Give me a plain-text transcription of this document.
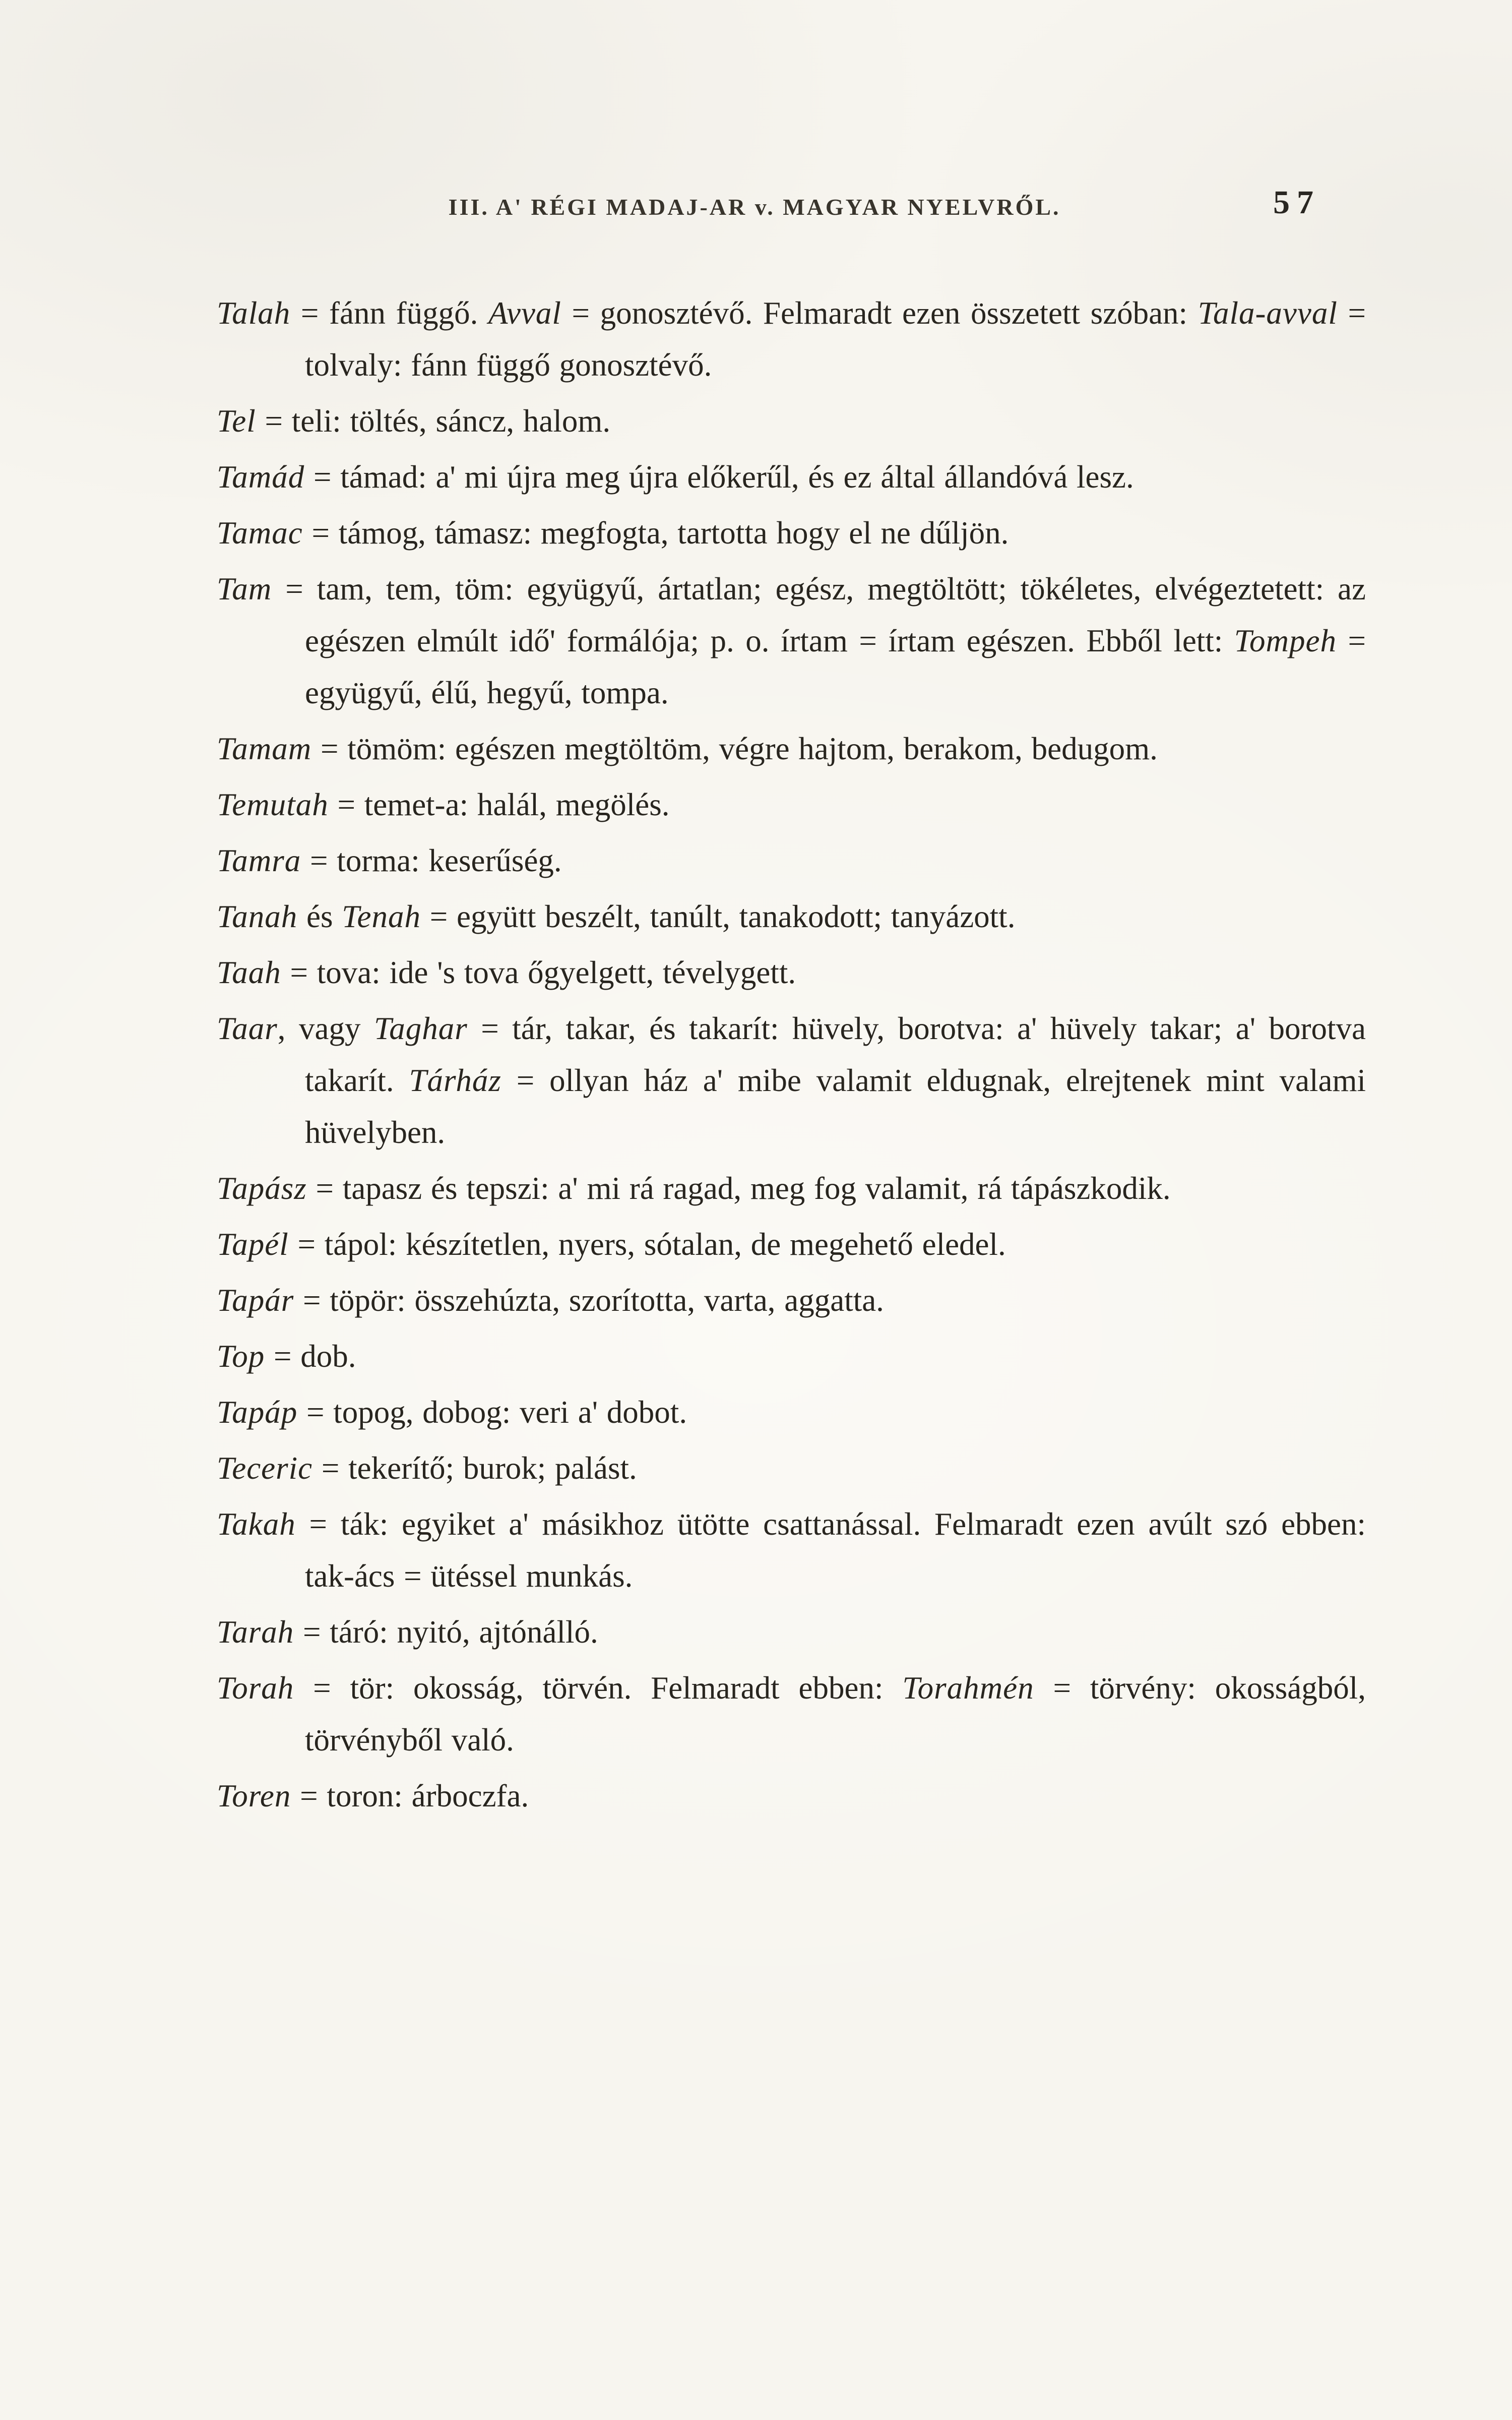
III. A' RÉGI MADAJ-AR v. MAGYAR NYELVRŐL.	57

Talah = fánn függő. Avval = gonosztévő. Felmaradt ezen összetett szóban: Tala-avval = tolvaly: fánn függő gonosztévő.

Tel = teli: töltés, sáncz, halom.

Tamád = támad: a' mi újra meg újra előkerűl, és ez által állandóvá lesz.

Tamac = támog, támasz: megfogta, tartotta hogy el ne dűljön.

Tam = tam, tem, töm: együgyű, ártatlan; egész, megtöltött; tökéletes, elvégeztetett: az egészen elmúlt idő' formálója; p. o. írtam = írtam egészen. Ebből lett: Tompeh = együgyű, élű, hegyű, tompa.

Tamam = tömöm: egészen megtöltöm, végre hajtom, berakom, bedugom.

Temutah = temet-a: halál, megölés.

Tamra = torma: keserűség.

Tanah és Tenah = együtt beszélt, tanúlt, tanakodott; tanyázott.

Taah = tova: ide 's tova őgyelgett, tévelygett.

Taar, vagy Taghar = tár, takar, és takarít: hüvely, borotva: a' hüvely takar; a' borotva takarít. Tárház = ollyan ház a' mibe valamit eldugnak, elrejtenek mint valami hüvelyben.

Tapász = tapasz és tepszi: a' mi rá ragad, meg fog valamit, rá tápászkodik.

Tapél = tápol: készítetlen, nyers, sótalan, de megehető eledel.

Tapár = töpör: összehúzta, szorította, varta, aggatta.

Top = dob.

Tapáp = topog, dobog: veri a' dobot.

Teceric = tekerítő; burok; palást.

Takah = ták: egyiket a' másikhoz ütötte csattanással. Felmaradt ezen avúlt szó ebben: tak-ács = ütéssel munkás.

Tarah = táró: nyitó, ajtónálló.

Torah = tör: okosság, törvén. Felmaradt ebben: Torahmén = törvény: okosságból, törvényből való.

Toren = toron: árboczfa.
